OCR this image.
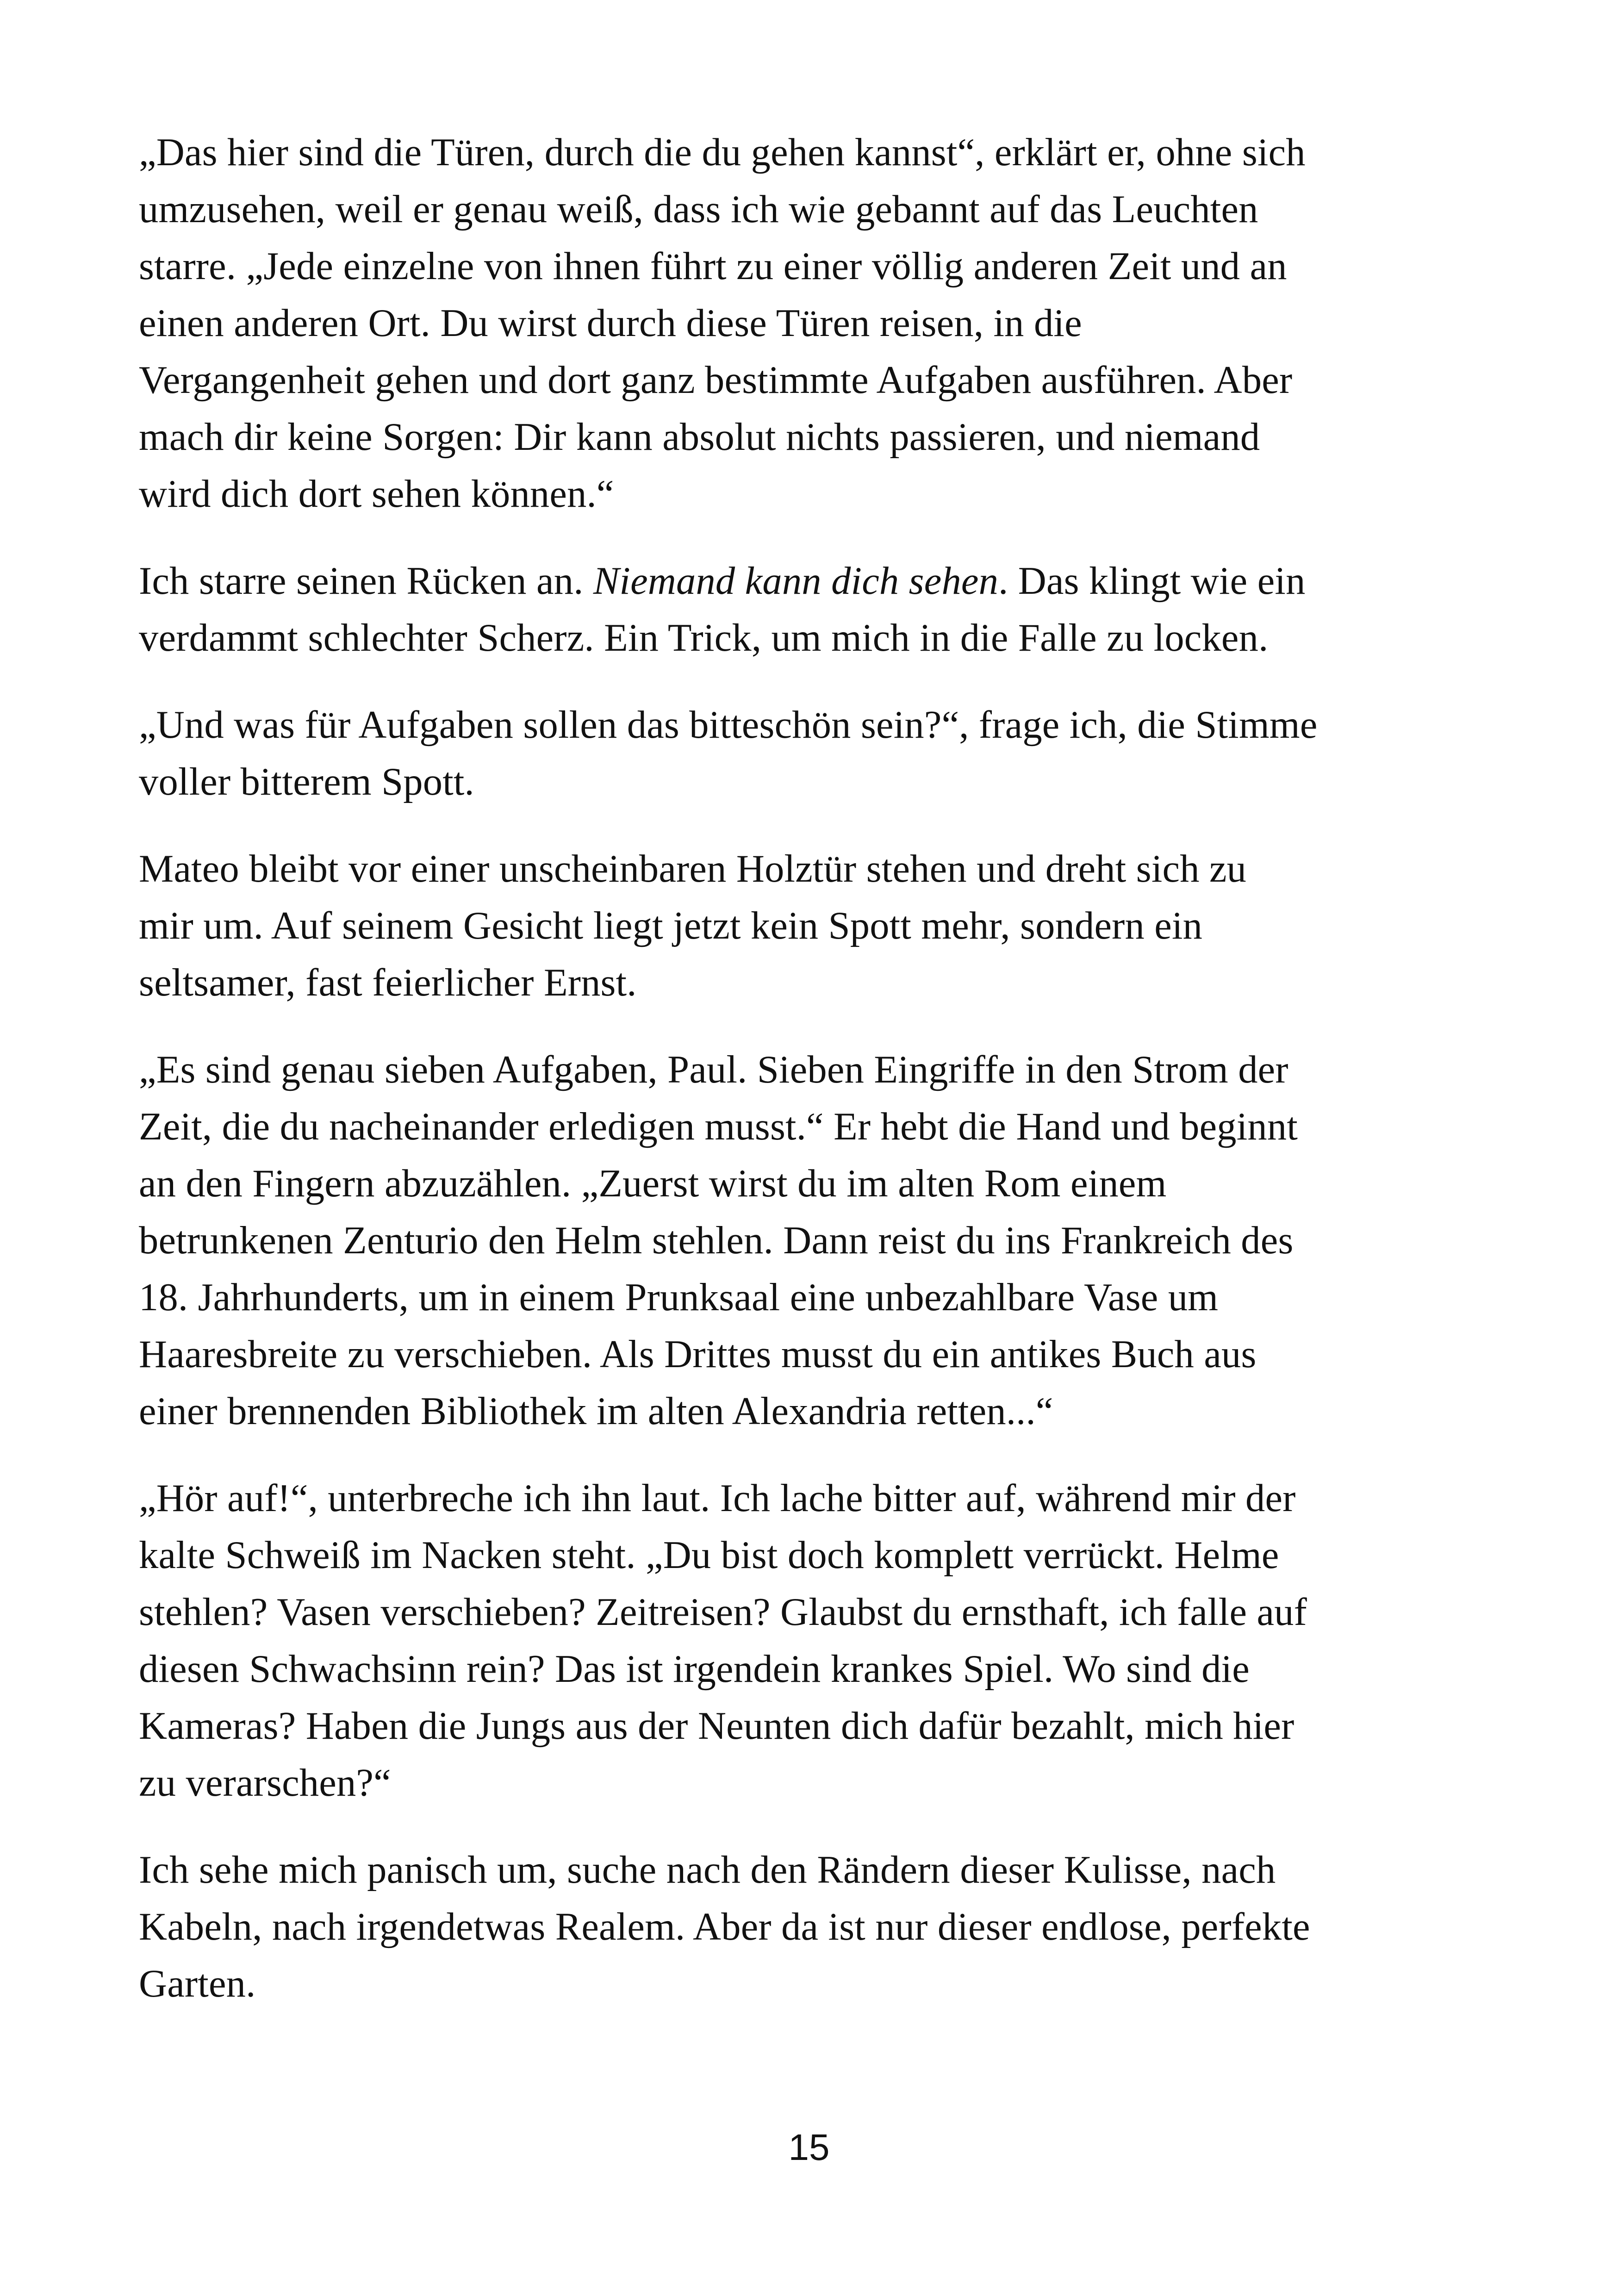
„Das hier sind die Türen, durch die du gehen kannst“, erklärt er, ohne sich
umzusehen, weil er genau weiß, dass ich wie gebannt auf das Leuchten
starre. „Jede einzelne von ihnen führt zu einer völlig anderen Zeit und an
einen anderen Ort. Du wirst durch diese Türen reisen, in die
Vergangenheit gehen und dort ganz bestimmte Aufgaben ausführen. Aber
mach dir keine Sorgen: Dir kann absolut nichts passieren, und niemand
wird dich dort sehen können.“

Ich starre seinen Rücken an. Niemand kann dich sehen. Das klingt wie ein
verdammt schlechter Scherz. Ein Trick, um mich in die Falle zu locken.

„Und was für Aufgaben sollen das bitteschön sein?“, frage ich, die Stimme
voller bitterem Spott.

Mateo bleibt vor einer unscheinbaren Holztür stehen und dreht sich zu
mir um. Auf seinem Gesicht liegt jetzt kein Spott mehr, sondern ein
seltsamer, fast feierlicher Ernst.

„Es sind genau sieben Aufgaben, Paul. Sieben Eingriffe in den Strom der
Zeit, die du nacheinander erledigen musst.“ Er hebt die Hand und beginnt
an den Fingern abzuzählen. „Zuerst wirst du im alten Rom einem
betrunkenen Zenturio den Helm stehlen. Dann reist du ins Frankreich des
18. Jahrhunderts, um in einem Prunksaal eine unbezahlbare Vase um
Haaresbreite zu verschieben. Als Drittes musst du ein antikes Buch aus
einer brennenden Bibliothek im alten Alexandria retten...“

„Hör auf!“, unterbreche ich ihn laut. Ich lache bitter auf, während mir der
kalte Schweiß im Nacken steht. „Du bist doch komplett verrückt. Helme
stehlen? Vasen verschieben? Zeitreisen? Glaubst du ernsthaft, ich falle auf
diesen Schwachsinn rein? Das ist irgendein krankes Spiel. Wo sind die
Kameras? Haben die Jungs aus der Neunten dich dafür bezahlt, mich hier
zu verarschen?“

Ich sehe mich panisch um, suche nach den Rändern dieser Kulisse, nach
Kabeln, nach irgendetwas Realem. Aber da ist nur dieser endlose, perfekte
Garten.

15
